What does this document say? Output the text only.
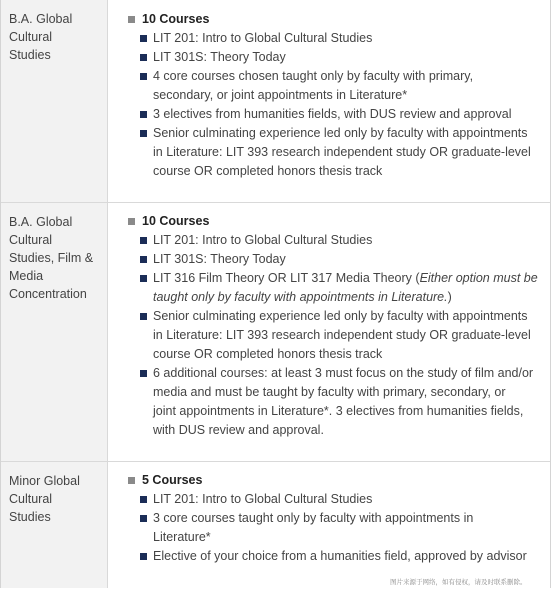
B.A. Global
Cultural
Studies
10 Courses
LIT 201: Intro to Global Cultural Studies
LIT 301S: Theory Today
4 core courses chosen taught only by faculty with primary,
secondary, or joint appointments in Literature*
3 electives from humanities fields, with DUS review and approval
Senior culminating experience led only by faculty with appointments
in Literature: LIT 393 research independent study OR graduate-level
course OR completed honors thesis track
B.A. Global
Cultural
Studies, Film &
Media
Concentration
10 Courses
LIT 201: Intro to Global Cultural Studies
LIT 301S: Theory Today
LIT 316 Film Theory OR LIT 317 Media Theory (Either option must be
taught only by faculty with appointments in Literature.)
Senior culminating experience led only by faculty with appointments
in Literature: LIT 393 research independent study OR graduate-level
course OR completed honors thesis track
6 additional courses: at least 3 must focus on the study of film and/or
media and must be taught by faculty with primary, secondary, or
joint appointments in Literature*. 3 electives from humanities fields,
with DUS review and approval.
Minor Global
Cultural
Studies
5 Courses
LIT 201: Intro to Global Cultural Studies
3 core courses taught only by faculty with appointments in
Literature*
Elective of your choice from a humanities field, approved by advisor
图片来源于网络，如有侵权，请及时联系删除。
